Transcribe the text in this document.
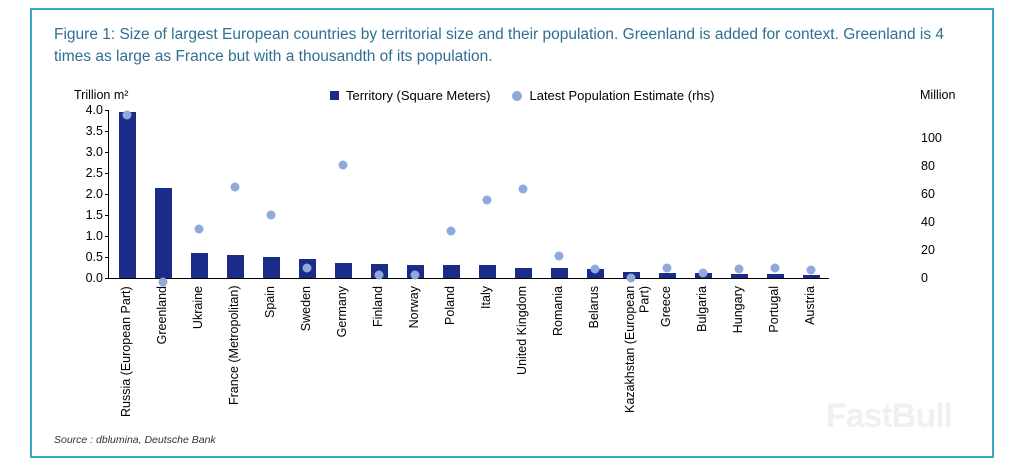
Figure 1: Size of largest European countries by territorial size and their population. Greenland is added for context. Greenland is 4 times as large as France but with a thousandth of its population.
Trillion m²	Million
Territory (Square Meters)	Latest Population Estimate (rhs)
0.0
0.5
1.0
1.5
2.0
2.5
3.0
3.5
4.0
0
20
40
60
80
100
Russia (European Part) Greenland Ukraine France (Metropolitan) Spain Sweden Germany Finland Norway Poland Italy United Kingdom Romania Belarus Kazakhstan (European Part) Greece Bulgaria Hungary Portugal Austria
Source : dblumina, Deutsche Bank
FastBull
